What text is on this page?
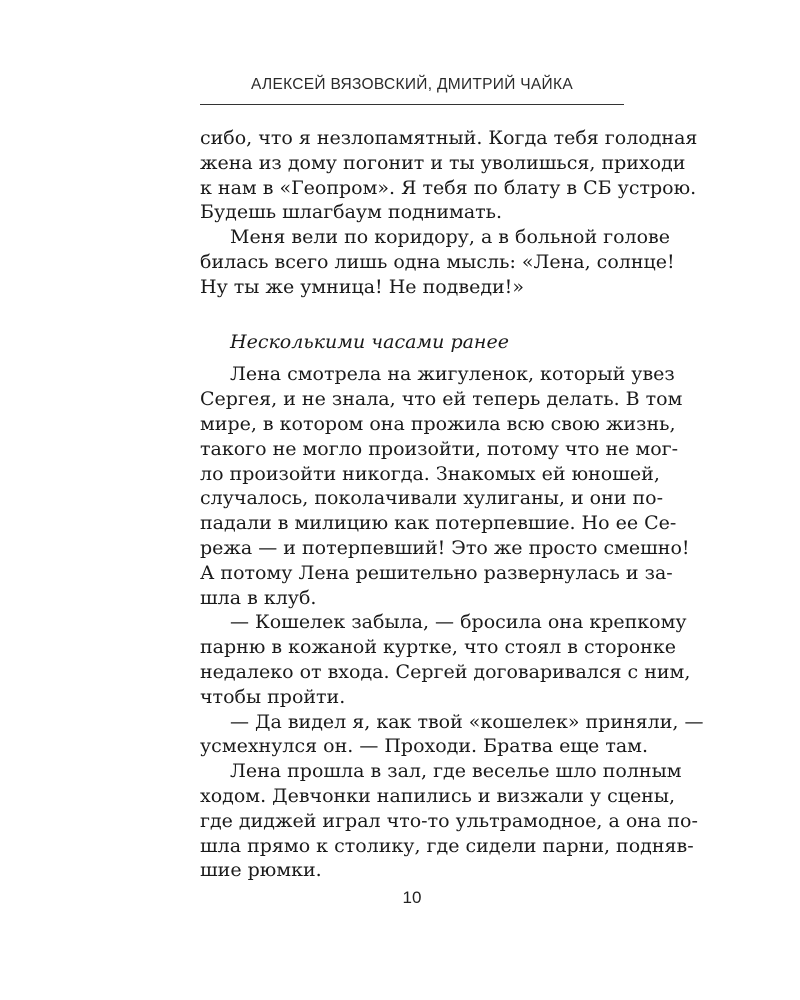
АЛЕКСЕЙ ВЯЗОВСКИЙ, ДМИТРИЙ ЧАЙКА
сибо, что я незлопамятный. Когда тебя голодная
жена из дому погонит и ты уволишься, приходи
к нам в «Геопром». Я тебя по блату в СБ устрою.
Будешь шлагбаум поднимать.
Меня вели по коридору, а в больной голове
билась всего лишь одна мысль: «Лена, солнце!
Ну ты же умница! Не подведи!»
Несколькими часами ранее
Лена смотрела на жигуленок, который увез
Сергея, и не знала, что ей теперь делать. В том
мире, в котором она прожила всю свою жизнь,
такого не могло произойти, потому что не мог-
ло произойти никогда. Знакомых ей юношей,
случалось, поколачивали хулиганы, и они по-
падали в милицию как потерпевшие. Но ее Се-
режа — и потерпевший! Это же просто смешно!
А потому Лена решительно развернулась и за-
шла в клуб.
— Кошелек забыла, — бросила она крепкому
парню в кожаной куртке, что стоял в сторонке
недалеко от входа. Сергей договаривался с ним,
чтобы пройти.
— Да видел я, как твой «кошелек» приняли, —
усмехнулся он. — Проходи. Братва еще там.
Лена прошла в зал, где веселье шло полным
ходом. Девчонки напились и визжали у сцены,
где диджей играл что-то ультрамодное, а она по-
шла прямо к столику, где сидели парни, подняв-
шие рюмки.
10
